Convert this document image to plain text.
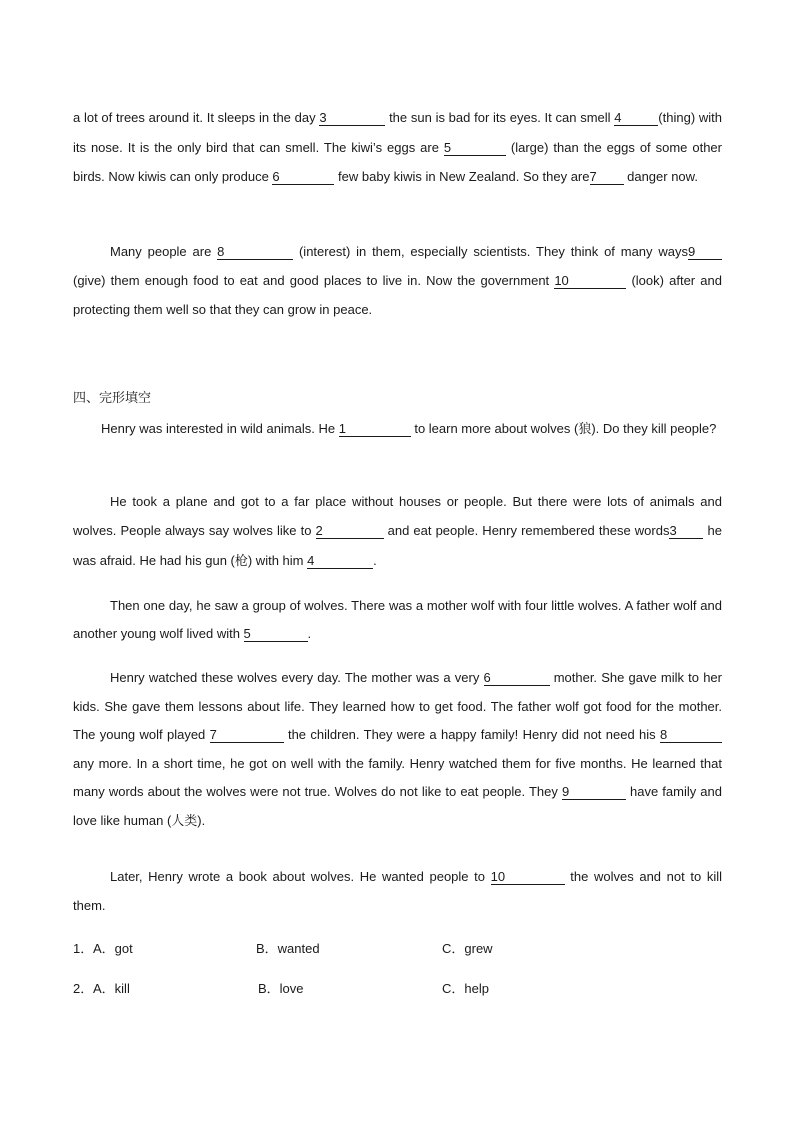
a lot of trees around it. It sleeps in the day 3	the sun is bad for its eyes. It can smell 4	(thing) with its nose. It is the only bird that can smell. The kiwi’s eggs are 5	(large) than the eggs of some other birds. Now kiwis can only produce 6	few baby kiwis in New Zealand. So they are7 danger now.

Many people are 8	(interest) in them, especially scientists. They think of many ways9 (give) them enough food to eat and good places to live in. Now the government 10	(look) after and protecting them well so that they can grow in peace.

四、完形填空

Henry was interested in wild animals. He 1	to learn more about wolves (狼). Do they kill people?

He took a plane and got to a far place without houses or people. But there were lots of animals and wolves. People always say wolves like to 2	and eat people. Henry remembered these words3 he was afraid. He had his gun (枪) with him 4	.

Then one day, he saw a group of wolves. There was a mother wolf with four little wolves. A father wolf and another young wolf lived with 5	.

Henry watched these wolves every day. The mother was a very 6	mother. She gave milk to her kids. She gave them lessons about life. They learned how to get food. The father wolf got food for the mother. The young wolf played 7	the children. They were a happy family! Henry did not need his 8 any more. In a short time, he got on well with the family. Henry watched them for five months. He learned that many words about the wolves were not true. Wolves do not like to eat people. They 9	have family and love like human (人类).

Later, Henry wrote a book about wolves. He wanted people to 10	the wolves and not to kill them.

1． A．got	B．wanted	C．grew
2． A．kill	B．love	C．help
